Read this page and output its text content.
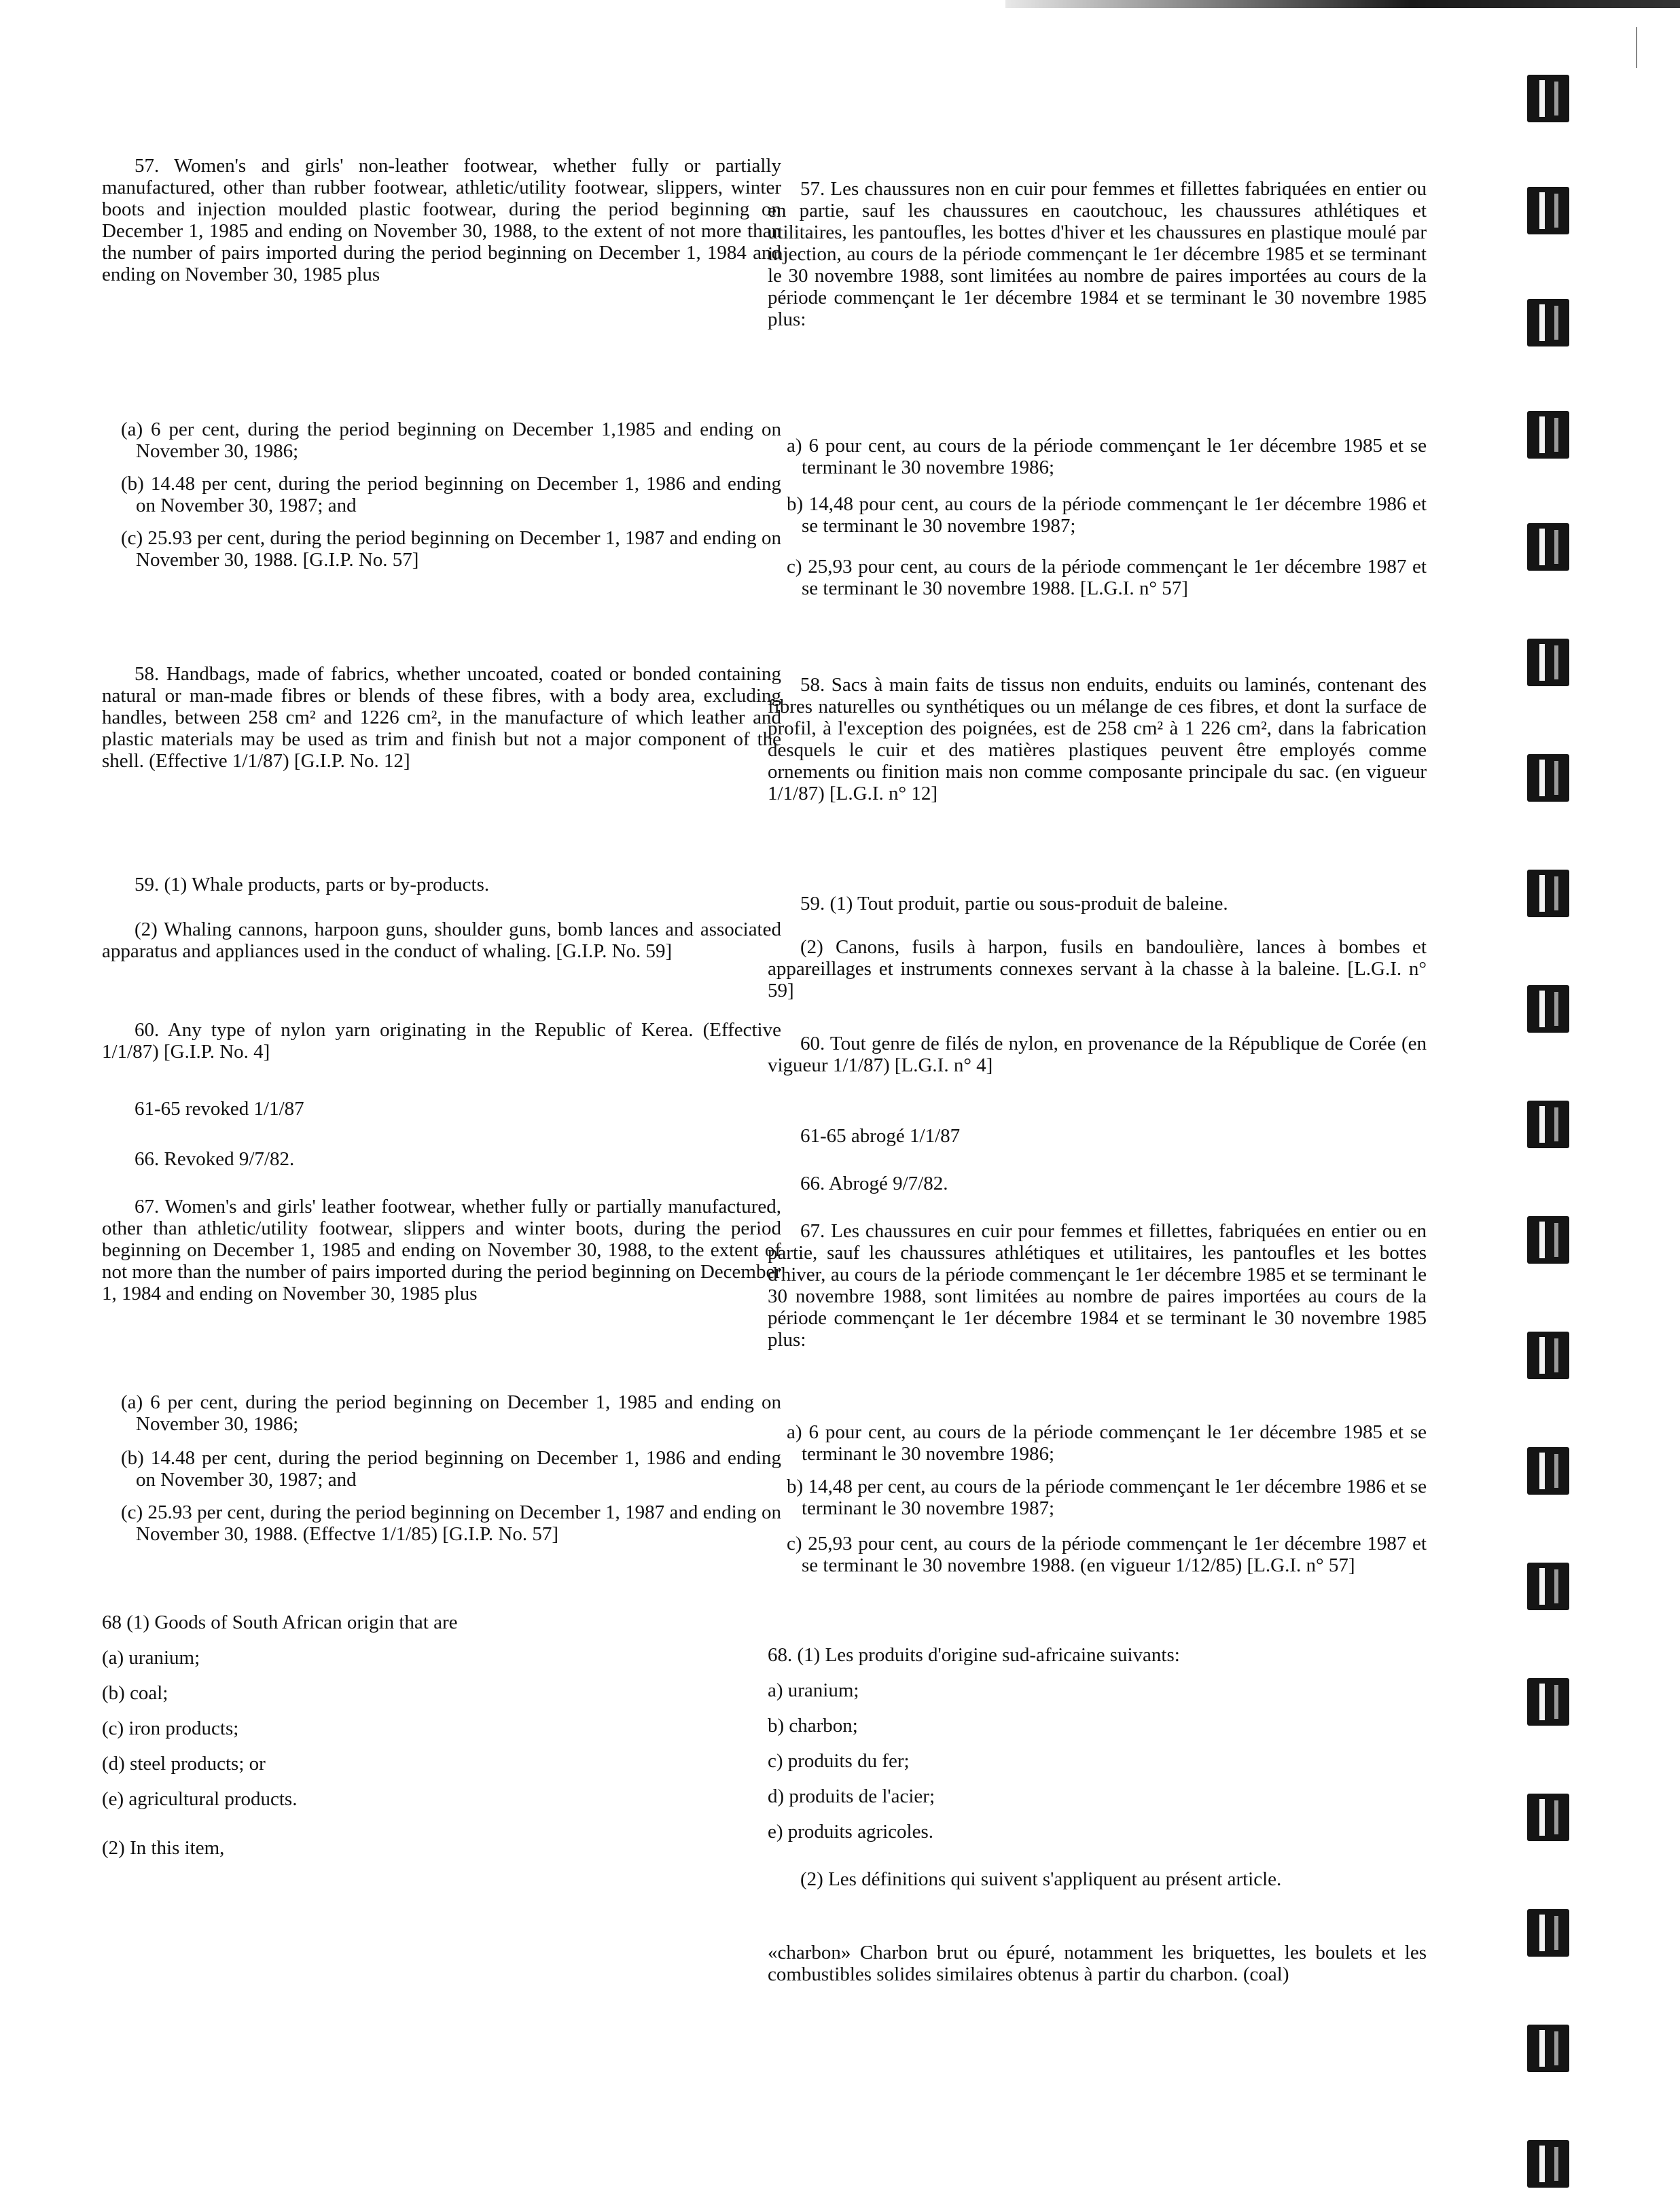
57. Women's and girls' non-leather footwear, whether fully or partially manufactured, other than rubber footwear, athletic/utility footwear, slippers, winter boots and injection moulded plastic footwear, during the period beginning on December 1, 1985 and ending on November 30, 1988, to the extent of not more than the number of pairs imported during the period beginning on December 1, 1984 and ending on November 30, 1985 plus

(a) 6 per cent, during the period beginning on December 1,1985 and ending on November 30, 1986;

(b) 14.48 per cent, during the period beginning on December 1, 1986 and ending on November 30, 1987; and

(c) 25.93 per cent, during the period beginning on December 1, 1987 and ending on November 30, 1988. [G.I.P. No. 57]

58. Handbags, made of fabrics, whether uncoated, coated or bonded containing natural or man-made fibres or blends of these fibres, with a body area, excluding handles, between 258 cm² and 1226 cm², in the manufacture of which leather and plastic materials may be used as trim and finish but not a major component of the shell. (Effective 1/1/87) [G.I.P. No. 12]

59. (1) Whale products, parts or by-products.

(2) Whaling cannons, harpoon guns, shoulder guns, bomb lances and associated apparatus and appliances used in the conduct of whaling. [G.I.P. No. 59]

60. Any type of nylon yarn originating in the Republic of Kerea. (Effective 1/1/87) [G.I.P. No. 4]

61-65 revoked 1/1/87

66. Revoked 9/7/82.

67. Women's and girls' leather footwear, whether fully or partially manufactured, other than athletic/utility footwear, slippers and winter boots, during the period beginning on December 1, 1985 and ending on November 30, 1988, to the extent of not more than the number of pairs imported during the period beginning on December 1, 1984 and ending on November 30, 1985 plus

(a) 6 per cent, during the period beginning on December 1, 1985 and ending on November 30, 1986;

(b) 14.48 per cent, during the period beginning on December 1, 1986 and ending on November 30, 1987; and

(c) 25.93 per cent, during the period beginning on December 1, 1987 and ending on November 30, 1988. (Effectve 1/1/85) [G.I.P. No. 57]

68 (1) Goods of South African origin that are

(a) uranium;

(b) coal;

(c) iron products;

(d) steel products; or

(e) agricultural products.

(2) In this item,

57. Les chaussures non en cuir pour femmes et fillettes fabriquées en entier ou en partie, sauf les chaussures en caoutchouc, les chaussures athlétiques et utilitaires, les pantoufles, les bottes d'hiver et les chaussures en plastique moulé par injection, au cours de la période commençant le 1er décembre 1985 et se terminant le 30 novembre 1988, sont limitées au nombre de paires importées au cours de la période commençant le 1er décembre 1984 et se terminant le 30 novembre 1985 plus:

a) 6 pour cent, au cours de la période commençant le 1er décembre 1985 et se terminant le 30 novembre 1986;

b) 14,48 pour cent, au cours de la période commençant le 1er décembre 1986 et se terminant le 30 novembre 1987;

c) 25,93 pour cent, au cours de la période commençant le 1er décembre 1987 et se terminant le 30 novembre 1988. [L.G.I. n° 57]

58. Sacs à main faits de tissus non enduits, enduits ou laminés, contenant des fibres naturelles ou synthétiques ou un mélange de ces fibres, et dont la surface de profil, à l'exception des poignées, est de 258 cm² à 1 226 cm², dans la fabrication desquels le cuir et des matières plastiques peuvent être employés comme ornements ou finition mais non comme composante principale du sac. (en vigueur 1/1/87) [L.G.I. n° 12]

59. (1) Tout produit, partie ou sous-produit de baleine.

(2) Canons, fusils à harpon, fusils en bandoulière, lances à bombes et appareillages et instruments connexes servant à la chasse à la baleine. [L.G.I. n° 59]

60. Tout genre de filés de nylon, en provenance de la République de Corée (en vigueur 1/1/87) [L.G.I. n° 4]

61-65 abrogé 1/1/87

66. Abrogé 9/7/82.

67. Les chaussures en cuir pour femmes et fillettes, fabriquées en entier ou en partie, sauf les chaussures athlétiques et utilitaires, les pantoufles et les bottes d'hiver, au cours de la période commençant le 1er décembre 1985 et se terminant le 30 novembre 1988, sont limitées au nombre de paires importées au cours de la période commençant le 1er décembre 1984 et se terminant le 30 novembre 1985 plus:

a) 6 pour cent, au cours de la période commençant le 1er décembre 1985 et se terminant le 30 novembre 1986;

b) 14,48 per cent, au cours de la période commençant le 1er décembre 1986 et se terminant le 30 novembre 1987;

c) 25,93 pour cent, au cours de la période commençant le 1er décembre 1987 et se terminant le 30 novembre 1988. (en vigueur 1/12/85) [L.G.I. n° 57]

68. (1) Les produits d'origine sud-africaine suivants:

a) uranium;

b) charbon;

c) produits du fer;

d) produits de l'acier;

e) produits agricoles.

(2) Les définitions qui suivent s'appliquent au présent article.

«charbon» Charbon brut ou épuré, notamment les briquettes, les boulets et les combustibles solides similaires obtenus à partir du charbon. (coal)
